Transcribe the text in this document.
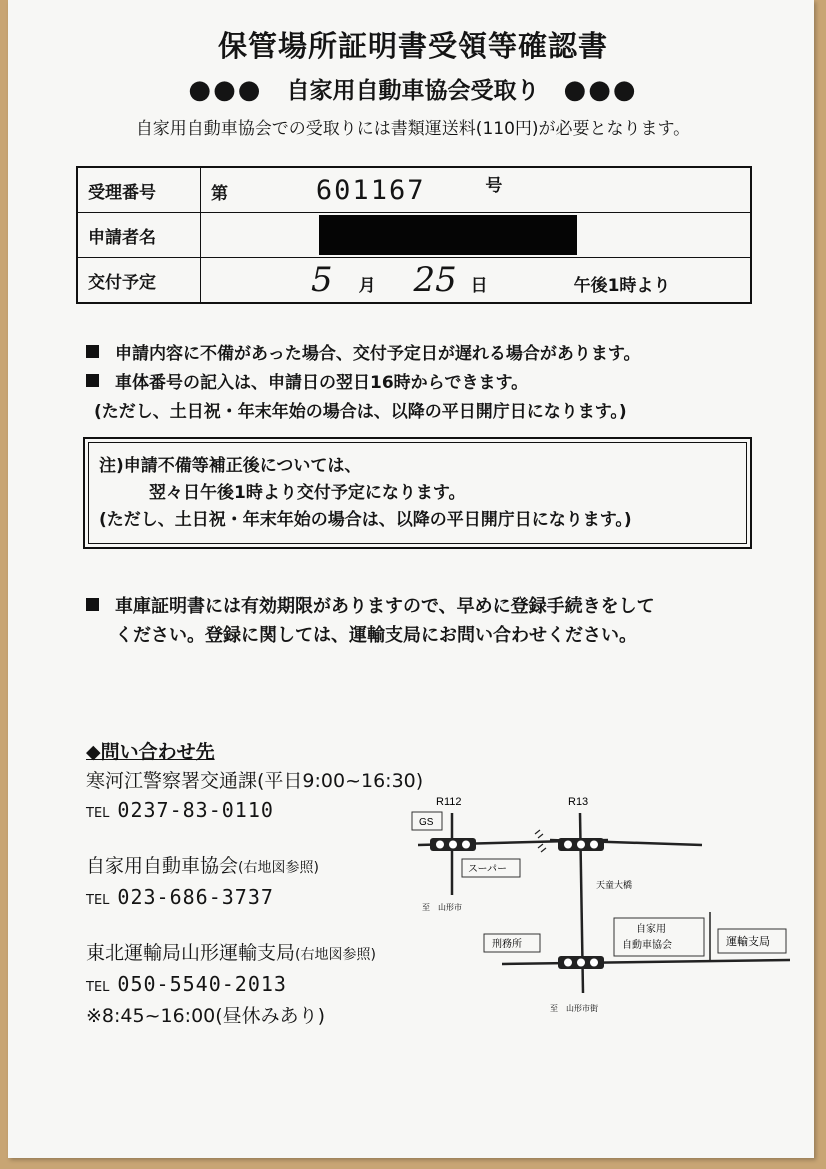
保管場所証明書受領等確認書
●●● 自家用自動車協会受取り ●●●
自家用自動車協会での受取りには書類運送料(110円)が必要となります。
受理番号	第 601167 号
申請者名	
交付予定	5 月 25 日 午後1時より
申請内容に不備があった場合、交付予定日が遅れる場合があります。
車体番号の記入は、申請日の翌日16時からできます。
(ただし、土日祝・年末年始の場合は、以降の平日開庁日になります。)
注)申請不備等補正後については、
翌々日午後1時より交付予定になります。
(ただし、土日祝・年末年始の場合は、以降の平日開庁日になります。)
車庫証明書には有効期限がありますので、早めに登録手続きをして
ください。登録に関しては、運輸支局にお問い合わせください。
◆問い合わせ先
寒河江警察署交通課(平日9:00~16:30)
TEL 0237-83-0110
自家用自動車協会(右地図参照)
TEL 023-686-3737
東北運輸局山形運輸支局(右地図参照)
TEL 050-5540-2013
※8:45~16:00(昼休みあり)
R112	R13
GS
スーパー
天童大橋
至　山形市
自家用
自動車協会
刑務所	運輸支局
至　山形市街
